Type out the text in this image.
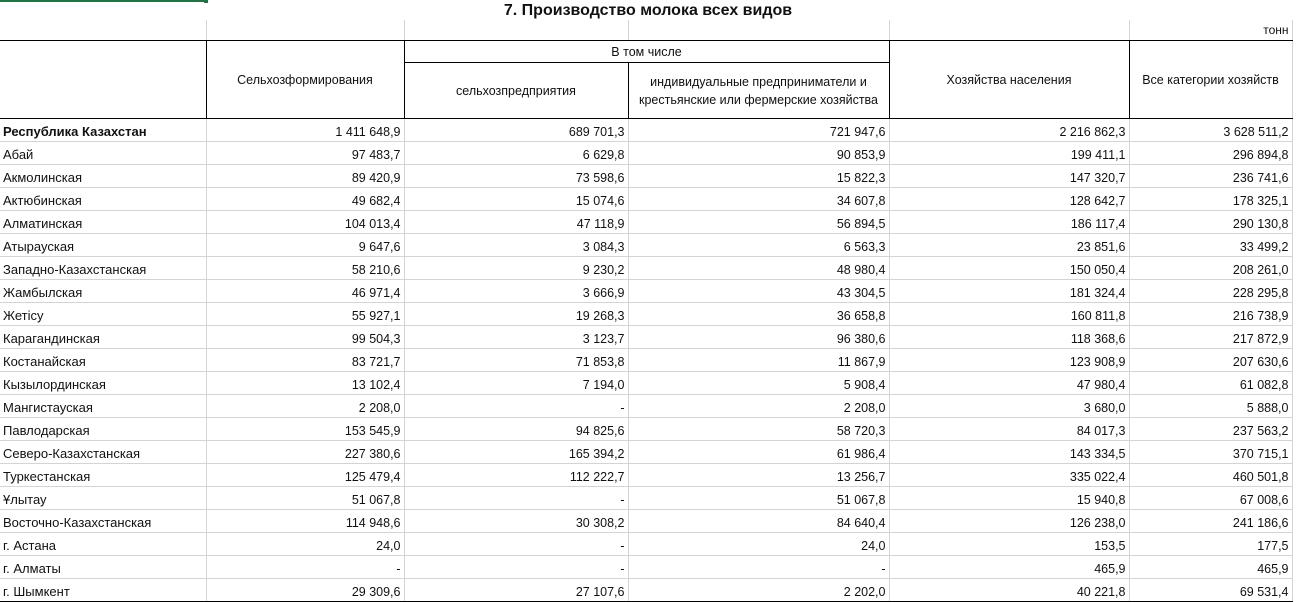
7. Производство молока всех видов
					тонн
	Сельхозформирования	В том числе		Хозяйства населения	Все категории хозяйств
		сельхозпредприятия	индивидуальные предприниматели и крестьянские или фермерские хозяйства		
Республика Казахстан	1 411 648,9	689 701,3	721 947,6	2 216 862,3	3 628 511,2
Абай	97 483,7	6 629,8	90 853,9	199 411,1	296 894,8
Акмолинская	89 420,9	73 598,6	15 822,3	147 320,7	236 741,6
Актюбинская	49 682,4	15 074,6	34 607,8	128 642,7	178 325,1
Алматинская	104 013,4	47 118,9	56 894,5	186 117,4	290 130,8
Атырауская	9 647,6	3 084,3	6 563,3	23 851,6	33 499,2
Западно-Казахстанская	58 210,6	9 230,2	48 980,4	150 050,4	208 261,0
Жамбылская	46 971,4	3 666,9	43 304,5	181 324,4	228 295,8
Жетісу	55 927,1	19 268,3	36 658,8	160 811,8	216 738,9
Карагандинская	99 504,3	3 123,7	96 380,6	118 368,6	217 872,9
Костанайская	83 721,7	71 853,8	11 867,9	123 908,9	207 630,6
Кызылординская	13 102,4	7 194,0	5 908,4	47 980,4	61 082,8
Мангистауская	2 208,0	-	2 208,0	3 680,0	5 888,0
Павлодарская	153 545,9	94 825,6	58 720,3	84 017,3	237 563,2
Северо-Казахстанская	227 380,6	165 394,2	61 986,4	143 334,5	370 715,1
Туркестанская	125 479,4	112 222,7	13 256,7	335 022,4	460 501,8
Ұлытау	51 067,8	-	51 067,8	15 940,8	67 008,6
Восточно-Казахстанская	114 948,6	30 308,2	84 640,4	126 238,0	241 186,6
г. Астана	24,0	-	24,0	153,5	177,5
г. Алматы	-	-	-	465,9	465,9
г. Шымкент	29 309,6	27 107,6	2 202,0	40 221,8	69 531,4
